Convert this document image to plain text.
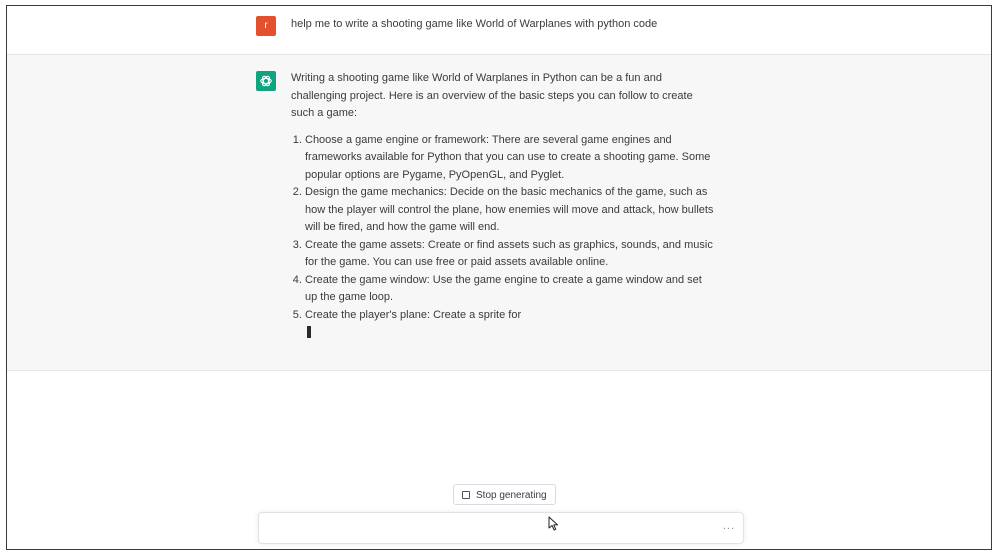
r	help me to write a shooting game like World of Warplanes with python code

Writing a shooting game like World of Warplanes in Python can be a fun and challenging project. Here is an overview of the basic steps you can follow to create such a game:

1. Choose a game engine or framework: There are several game engines and frameworks available for Python that you can use to create a shooting game. Some popular options are Pygame, PyOpenGL, and Pyglet.
2. Design the game mechanics: Decide on the basic mechanics of the game, such as how the player will control the plane, how enemies will move and attack, how bullets will be fired, and how the game will end.
3. Create the game assets: Create or find assets such as graphics, sounds, and music for the game. You can use free or paid assets available online.
4. Create the game window: Use the game engine to create a game window and set up the game loop.
5. Create the player's plane: Create a sprite for
Stop generating
...
